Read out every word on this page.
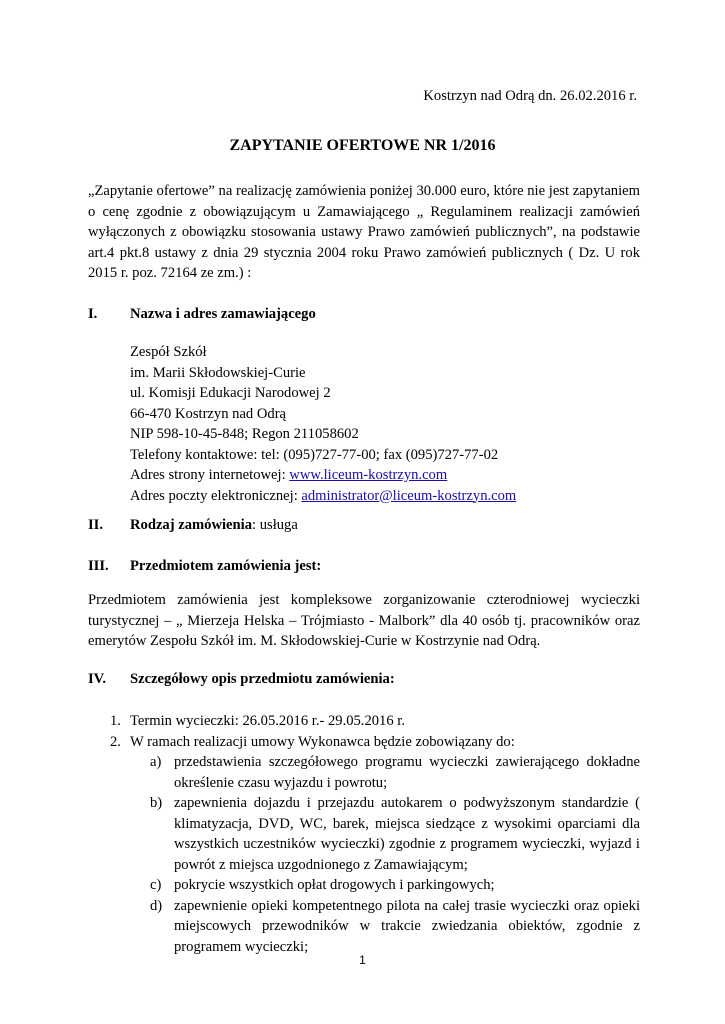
Kostrzyn nad Odrą dn. 26.02.2016 r.
ZAPYTANIE OFERTOWE NR 1/2016
„Zapytanie ofertowe” na realizację zamówienia poniżej 30.000 euro, które nie jest zapytaniem o cenę zgodnie z obowiązującym u Zamawiającego „ Regulaminem realizacji zamówień wyłączonych z obowiązku stosowania ustawy Prawo zamówień publicznych”, na podstawie art.4 pkt.8 ustawy z dnia 29 stycznia 2004 roku Prawo zamówień publicznych ( Dz. U rok 2015 r. poz. 72164 ze zm.) :
I. Nazwa i adres zamawiającego
Zespół Szkół
im. Marii Skłodowskiej-Curie
ul. Komisji Edukacji Narodowej 2
66-470 Kostrzyn nad Odrą
NIP 598-10-45-848; Regon 211058602
Telefony kontaktowe: tel: (095)727-77-00; fax (095)727-77-02
Adres strony internetowej: www.liceum-kostrzyn.com
Adres poczty elektronicznej: administrator@liceum-kostrzyn.com
II. Rodzaj zamówienia: usługa
III. Przedmiotem zamówienia jest:
Przedmiotem zamówienia jest kompleksowe zorganizowanie czterodniowej wycieczki turystycznej – „ Mierzeja Helska – Trójmiasto - Malbork” dla 40 osób tj. pracowników oraz emerytów Zespołu Szkół im. M. Skłodowskiej-Curie w Kostrzynie nad Odrą.
IV. Szczegółowy opis przedmiotu zamówienia:
1. Termin wycieczki: 26.05.2016 r.- 29.05.2016 r.
2. W ramach realizacji umowy Wykonawca będzie zobowiązany do:
a) przedstawienia szczegółowego programu wycieczki zawierającego dokładne określenie czasu wyjazdu i powrotu;
b) zapewnienia dojazdu i przejazdu autokarem o podwyższonym standardzie ( klimatyzacja, DVD, WC, barek, miejsca siedzące z wysokimi oparciami dla wszystkich uczestników wycieczki) zgodnie z programem wycieczki, wyjazd i powrót z miejsca uzgodnionego z Zamawiającym;
c) pokrycie wszystkich opłat drogowych i parkingowych;
d) zapewnienie opieki kompetentnego pilota na całej trasie wycieczki oraz opieki miejscowych przewodników w trakcie zwiedzania obiektów, zgodnie z programem wycieczki;
1
